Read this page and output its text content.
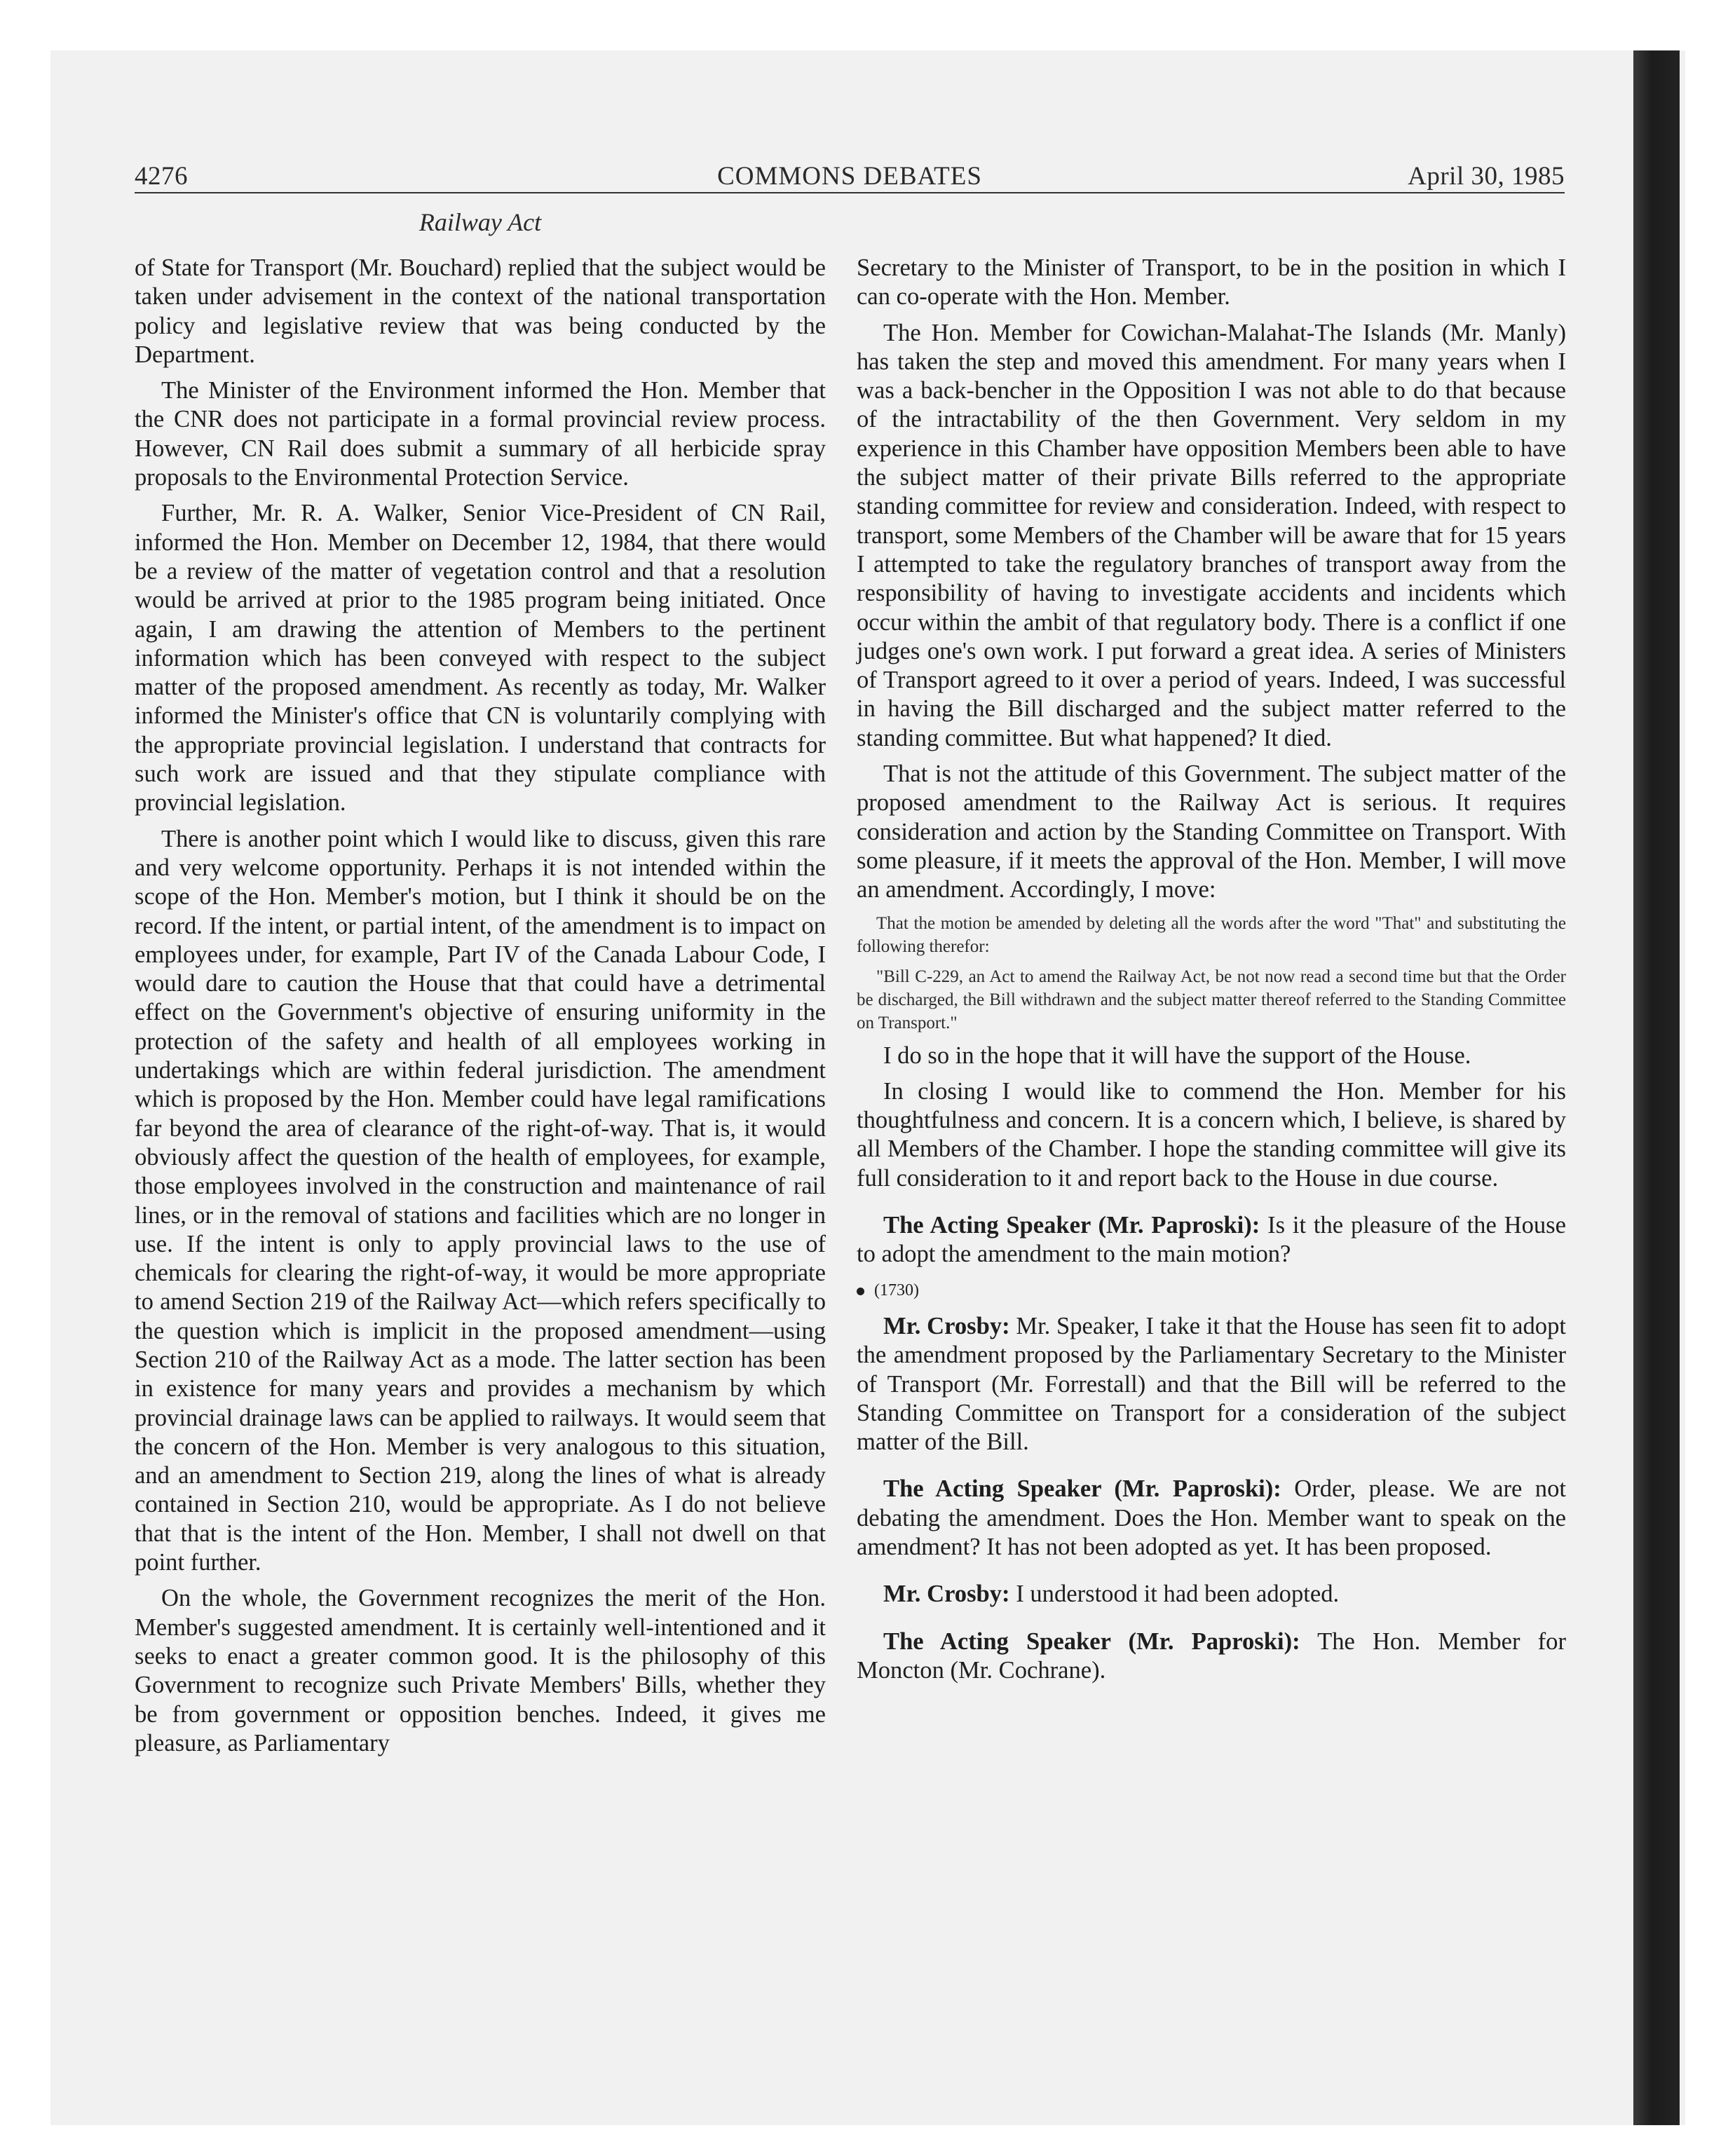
4276	COMMONS DEBATES	April 30, 1985
Railway Act

of State for Transport (Mr. Bouchard) replied that the subject would be taken under advisement in the context of the national transportation policy and legislative review that was being conducted by the Department.

The Minister of the Environment informed the Hon. Member that the CNR does not participate in a formal provincial review process. However, CN Rail does submit a summary of all herbicide spray proposals to the Environmental Protection Service.

Further, Mr. R. A. Walker, Senior Vice-President of CN Rail, informed the Hon. Member on December 12, 1984, that there would be a review of the matter of vegetation control and that a resolution would be arrived at prior to the 1985 program being initiated. Once again, I am drawing the attention of Members to the pertinent information which has been conveyed with respect to the subject matter of the proposed amendment. As recently as today, Mr. Walker informed the Minister's office that CN is voluntarily complying with the appropriate provincial legislation. I understand that contracts for such work are issued and that they stipulate compliance with provincial legislation.

There is another point which I would like to discuss, given this rare and very welcome opportunity. Perhaps it is not intended within the scope of the Hon. Member's motion, but I think it should be on the record. If the intent, or partial intent, of the amendment is to impact on employees under, for example, Part IV of the Canada Labour Code, I would dare to caution the House that that could have a detrimental effect on the Government's objective of ensuring uniformity in the protection of the safety and health of all employees working in undertakings which are within federal jurisdiction. The amendment which is proposed by the Hon. Member could have legal ramifications far beyond the area of clearance of the right-of-way. That is, it would obviously affect the question of the health of employees, for example, those employees involved in the construction and maintenance of rail lines, or in the removal of stations and facilities which are no longer in use. If the intent is only to apply provincial laws to the use of chemicals for clearing the right-of-way, it would be more appropriate to amend Section 219 of the Railway Act—which refers specifically to the question which is implicit in the proposed amendment—using Section 210 of the Railway Act as a mode. The latter section has been in existence for many years and provides a mechanism by which provincial drainage laws can be applied to railways. It would seem that the concern of the Hon. Member is very analogous to this situation, and an amendment to Section 219, along the lines of what is already contained in Section 210, would be appropriate. As I do not believe that that is the intent of the Hon. Member, I shall not dwell on that point further.

On the whole, the Government recognizes the merit of the Hon. Member's suggested amendment. It is certainly well-intentioned and it seeks to enact a greater common good. It is the philosophy of this Government to recognize such Private Members' Bills, whether they be from government or opposition benches. Indeed, it gives me pleasure, as Parliamentary

Secretary to the Minister of Transport, to be in the position in which I can co-operate with the Hon. Member.

The Hon. Member for Cowichan-Malahat-The Islands (Mr. Manly) has taken the step and moved this amendment. For many years when I was a back-bencher in the Opposition I was not able to do that because of the intractability of the then Government. Very seldom in my experience in this Chamber have opposition Members been able to have the subject matter of their private Bills referred to the appropriate standing committee for review and consideration. Indeed, with respect to transport, some Members of the Chamber will be aware that for 15 years I attempted to take the regulatory branches of transport away from the responsibility of having to investigate accidents and incidents which occur within the ambit of that regulatory body. There is a conflict if one judges one's own work. I put forward a great idea. A series of Ministers of Transport agreed to it over a period of years. Indeed, I was successful in having the Bill discharged and the subject matter referred to the standing committee. But what happened? It died.

That is not the attitude of this Government. The subject matter of the proposed amendment to the Railway Act is serious. It requires consideration and action by the Standing Committee on Transport. With some pleasure, if it meets the approval of the Hon. Member, I will move an amendment. Accordingly, I move:

That the motion be amended by deleting all the words after the word "That" and substituting the following therefor:

"Bill C-229, an Act to amend the Railway Act, be not now read a second time but that the Order be discharged, the Bill withdrawn and the subject matter thereof referred to the Standing Committee on Transport."

I do so in the hope that it will have the support of the House.

In closing I would like to commend the Hon. Member for his thoughtfulness and concern. It is a concern which, I believe, is shared by all Members of the Chamber. I hope the standing committee will give its full consideration to it and report back to the House in due course.

The Acting Speaker (Mr. Paproski): Is it the pleasure of the House to adopt the amendment to the main motion?

(1730)

Mr. Crosby: Mr. Speaker, I take it that the House has seen fit to adopt the amendment proposed by the Parliamentary Secretary to the Minister of Transport (Mr. Forrestall) and that the Bill will be referred to the Standing Committee on Transport for a consideration of the subject matter of the Bill.

The Acting Speaker (Mr. Paproski): Order, please. We are not debating the amendment. Does the Hon. Member want to speak on the amendment? It has not been adopted as yet. It has been proposed.

Mr. Crosby: I understood it had been adopted.

The Acting Speaker (Mr. Paproski): The Hon. Member for Moncton (Mr. Cochrane).
